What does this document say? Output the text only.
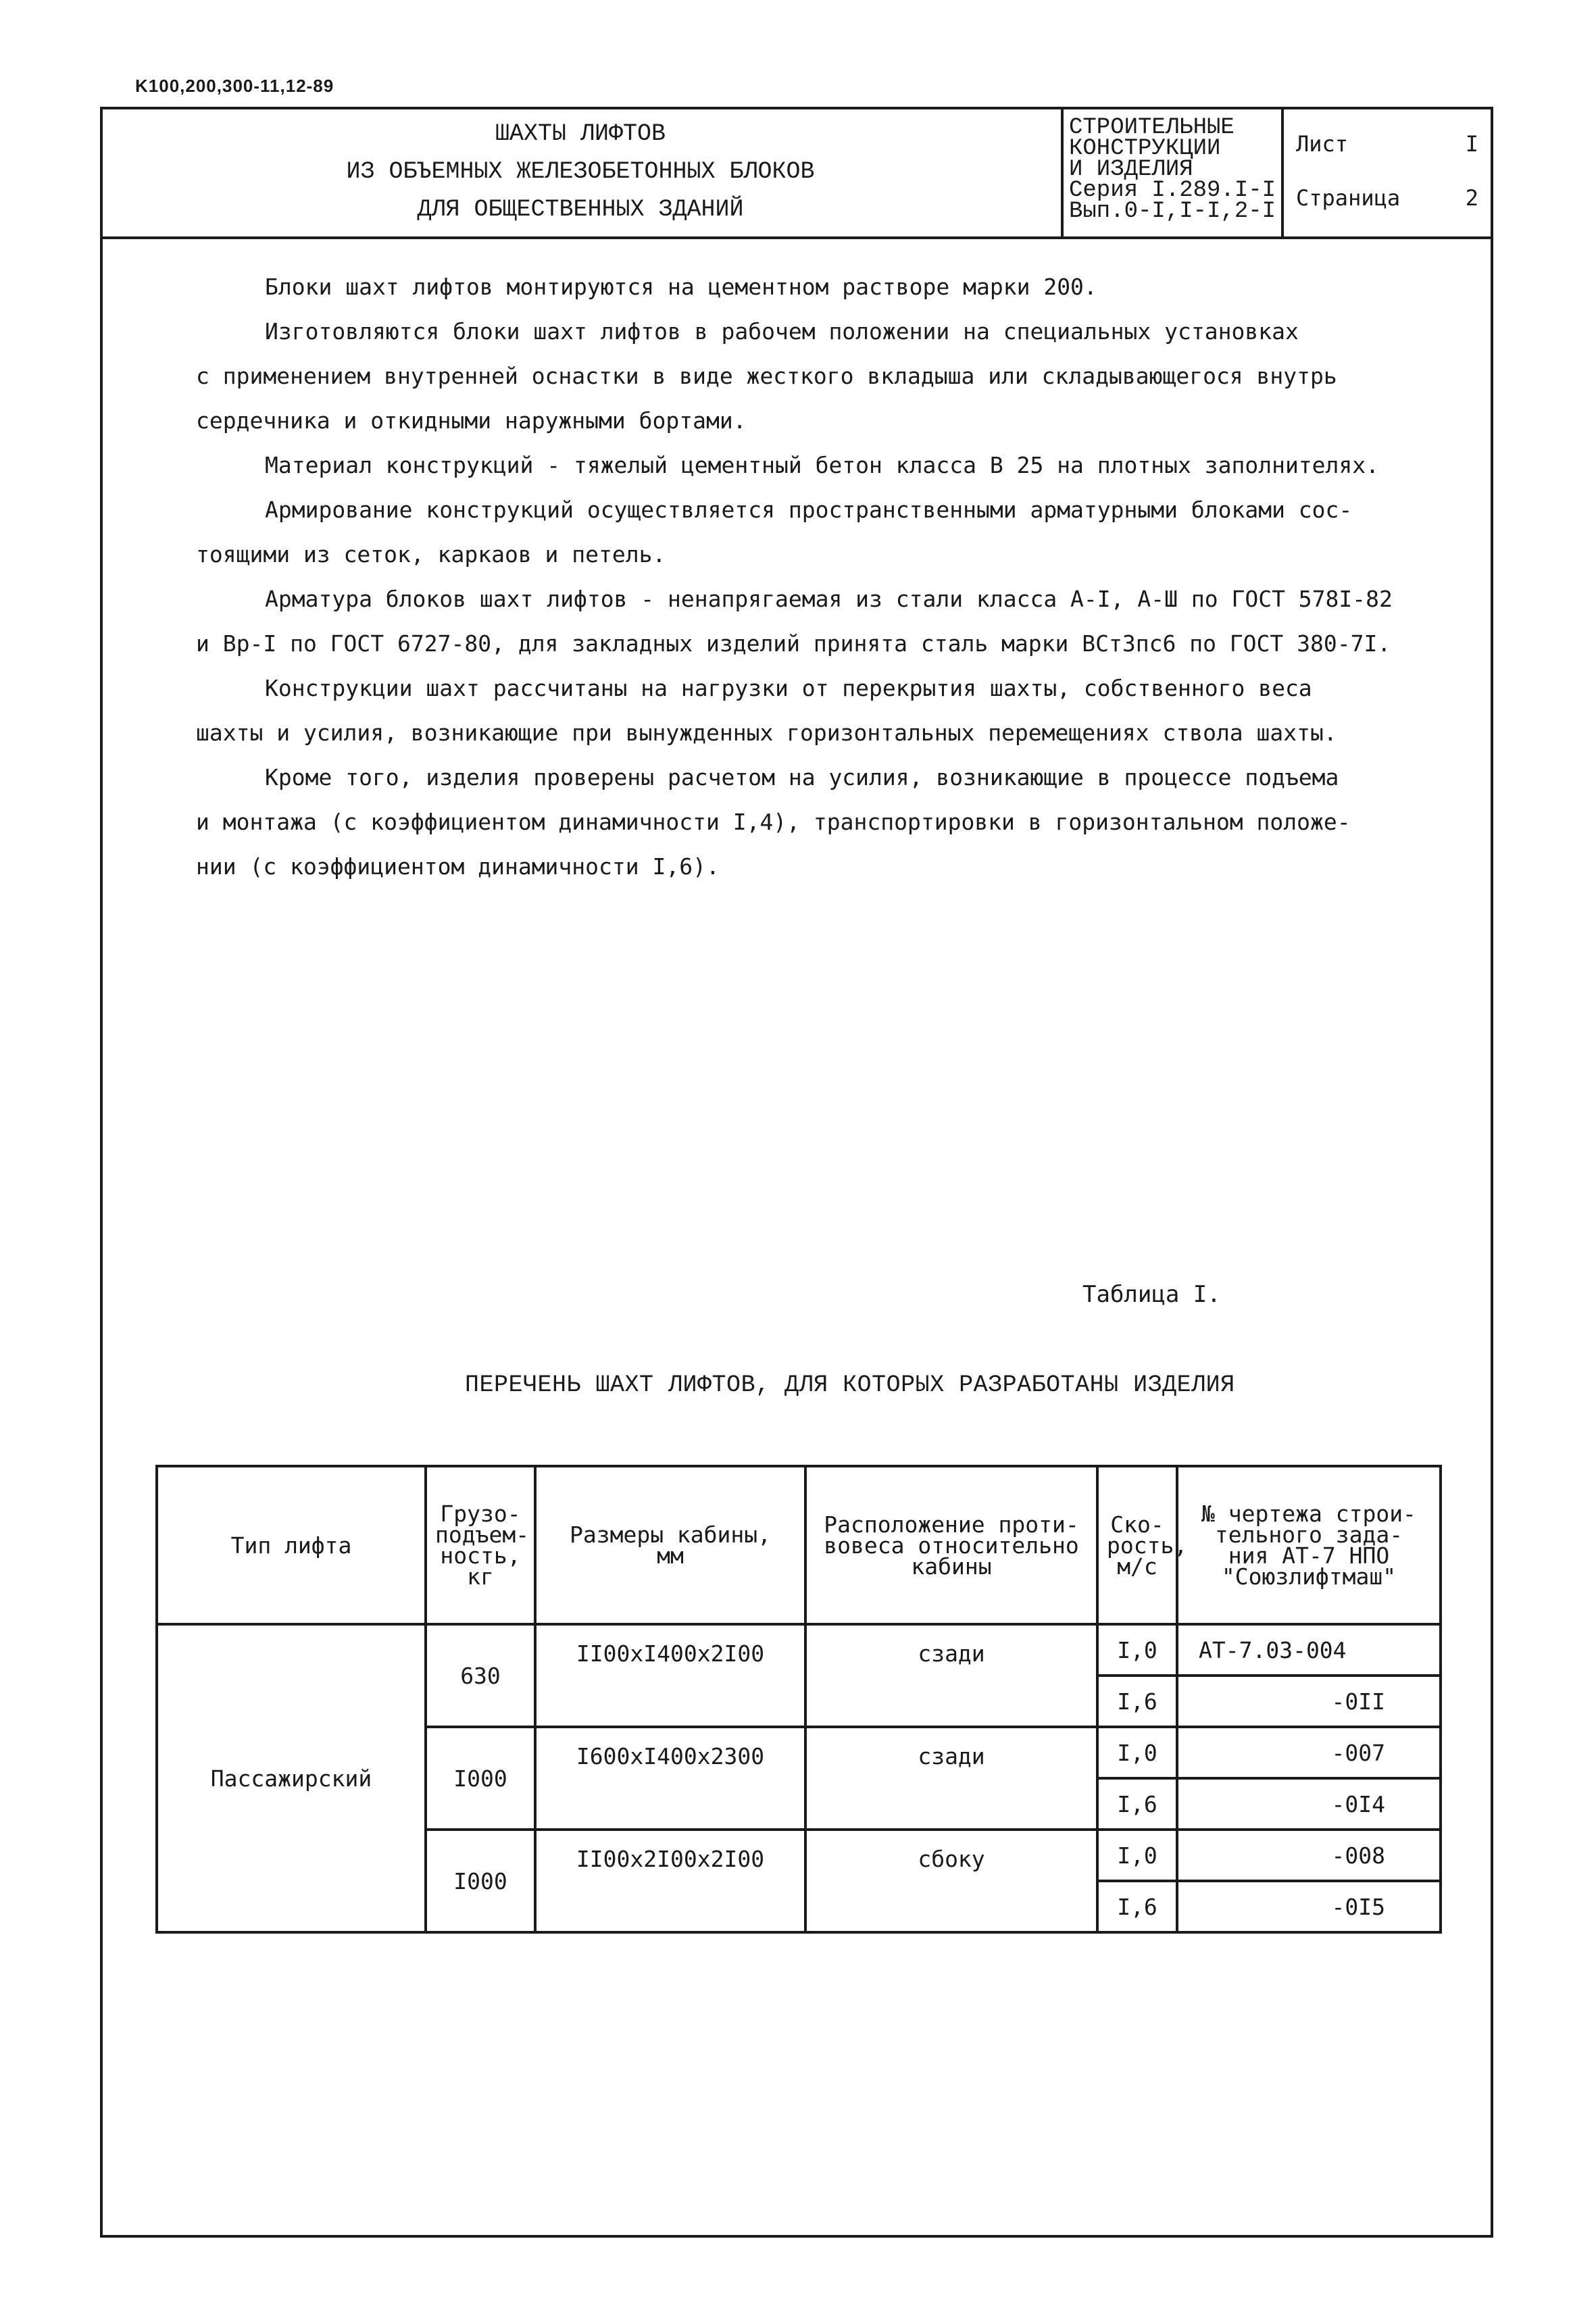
K100,200,300-11,12-89
ШАХТЫ ЛИФТОВ
ИЗ ОБЪЕМНЫХ ЖЕЛЕЗОБЕТОННЫХ БЛОКОВ
ДЛЯ ОБЩЕСТВЕННЫХ ЗДАНИЙ
СТРОИТЕЛЬНЫЕ
КОНСТРУКЦИИ
И ИЗДЕЛИЯ
Серия I.289.I-I
Вып.0-I,I-I,2-I
Лист	I
Страница	2

Блоки шахт лифтов монтируются на цементном растворе марки 200.

Изготовляются блоки шахт лифтов в рабочем положении на специальных установках

с применением внутренней оснастки в виде жесткого вкладыша или складывающегося внутрь

сердечника и откидными наружными бортами.

Материал конструкций - тяжелый цементный бетон класса В 25 на плотных заполнителях.

Армирование конструкций осуществляется пространственными арматурными блоками сос-

тоящими из сеток, каркаов и петель.

Арматура блоков шахт лифтов - ненапрягаемая из стали класса А-I, А-Ш по ГОСТ 578I-82

и Вр-I по ГОСТ 6727-80, для закладных изделий принята сталь марки ВСт3пс6 по ГОСТ 380-7I.

Конструкции шахт рассчитаны на нагрузки от перекрытия шахты, собственного веса

шахты и усилия, возникающие при вынужденных горизонтальных перемещениях ствола шахты.

Кроме того, изделия проверены расчетом на усилия, возникающие в процессе подъема

и монтажа (с коэффициентом динамичности I,4), транспортировки в горизонтальном положе-

нии (с коэффициентом динамичности I,6).

Таблица I.
ПЕРЕЧЕНЬ ШАХТ ЛИФТОВ, ДЛЯ КОТОРЫХ РАЗРАБОТАНЫ ИЗДЕЛИЯ
Тип лифта	Грузо-
подъем-
ность,
кг	Размеры кабины,
мм	Расположение проти-
вовеса относительно
кабины	Ско-
рость,
м/с	№ чертежа строи-
тельного зада-
ния АТ-7 НПО
"Союзлифтмаш"
Пассажирский	630	II00xI400x2I00	сзади	I,0	АТ-7.03-004
				I,6	-0II
	I000	I600xI400x2300	сзади	I,0	-007
				I,6	-0I4
	I000	II00x2I00x2I00	сбоку	I,0	-008
				I,6	-0I5
